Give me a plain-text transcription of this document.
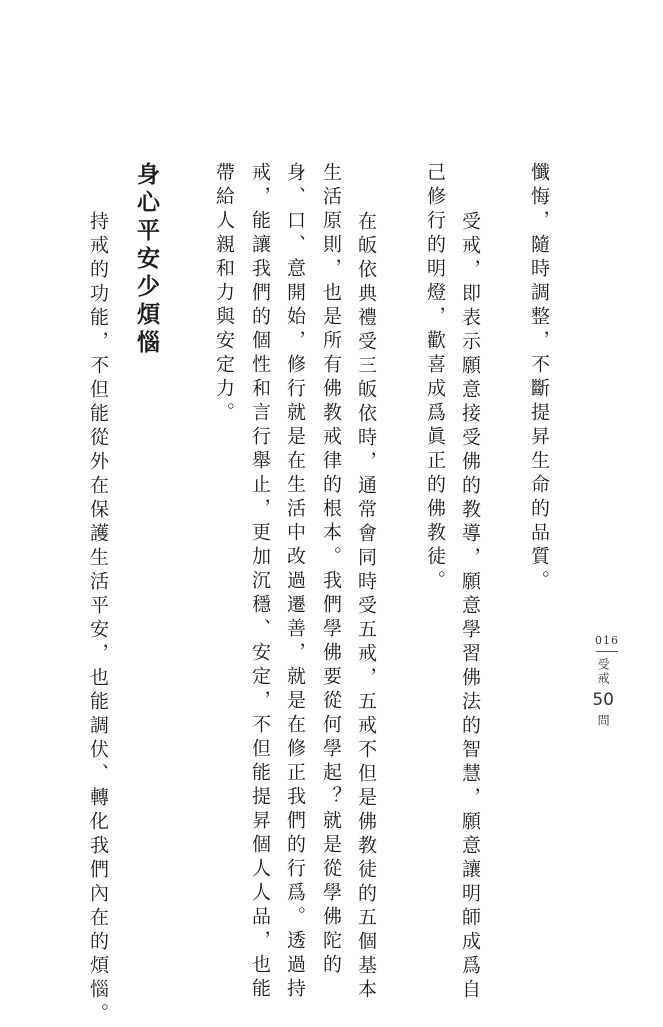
016
受戒50問
懺悔，隨時調整，不斷提昇生命的品質。
受戒，即表示願意接受佛的教導，願意學習佛法的智慧，願意讓明師成爲自
己修行的明燈，歡喜成爲眞正的佛教徒。
在皈依典禮受三皈依時，通常會同時受五戒，五戒不但是佛教徒的五個基本
生活原則，也是所有佛教戒律的根本。我們學佛要從何學起？就是從學佛陀的
身、口、意開始，修行就是在生活中改過遷善，就是在修正我們的行爲。透過持
戒，能讓我們的個性和言行舉止，更加沉穩、安定，不但能提昇個人人品，也能
帶給人親和力與安定力。
身心平安少煩惱
持戒的功能，不但能從外在保護生活平安，也能調伏、轉化我們內在的煩惱。
